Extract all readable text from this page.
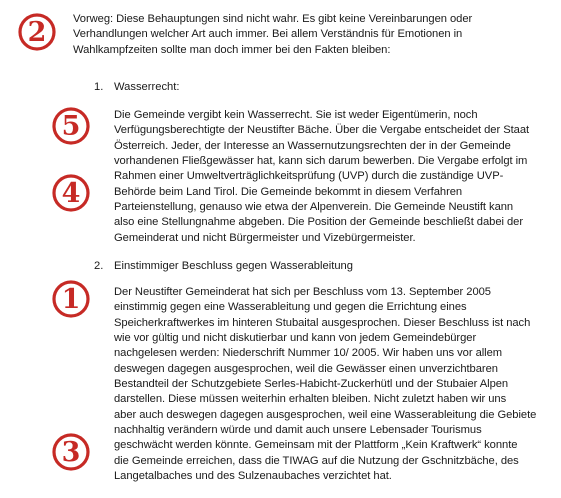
2
5
4
1
3
Vorweg: Diese Behauptungen sind nicht wahr. Es gibt keine Vereinbarungen oder
Verhandlungen welcher Art auch immer. Bei allem Verständnis für Emotionen in
Wahlkampfzeiten sollte man doch immer bei den Fakten bleiben:
1. Wasserrecht:
Die Gemeinde vergibt kein Wasserrecht. Sie ist weder Eigentümerin, noch
Verfügungsberechtigte der Neustifter Bäche. Über die Vergabe entscheidet der Staat
Österreich. Jeder, der Interesse an Wassernutzungsrechten der in der Gemeinde
vorhandenen Fließgewässer hat, kann sich darum bewerben. Die Vergabe erfolgt im
Rahmen einer Umweltverträglichkeitsprüfung (UVP) durch die zuständige UVP-
Behörde beim Land Tirol. Die Gemeinde bekommt in diesem Verfahren
Parteienstellung, genauso wie etwa der Alpenverein. Die Gemeinde Neustift kann
also eine Stellungnahme abgeben. Die Position der Gemeinde beschließt dabei der
Gemeinderat und nicht Bürgermeister und Vizebürgermeister.
2. Einstimmiger Beschluss gegen Wasserableitung
Der Neustifter Gemeinderat hat sich per Beschluss vom 13. September 2005
einstimmig gegen eine Wasserableitung und gegen die Errichtung eines
Speicherkraftwerkes im hinteren Stubaital ausgesprochen. Dieser Beschluss ist nach
wie vor gültig und nicht diskutierbar und kann von jedem Gemeindebürger
nachgelesen werden: Niederschrift Nummer 10/ 2005. Wir haben uns vor allem
deswegen dagegen ausgesprochen, weil die Gewässer einen unverzichtbaren
Bestandteil der Schutzgebiete Serles-Habicht-Zuckerhütl und der Stubaier Alpen
darstellen. Diese müssen weiterhin erhalten bleiben. Nicht zuletzt haben wir uns
aber auch deswegen dagegen ausgesprochen, weil eine Wasserableitung die Gebiete
nachhaltig verändern würde und damit auch unsere Lebensader Tourismus
geschwächt werden könnte. Gemeinsam mit der Plattform „Kein Kraftwerk“ konnte
die Gemeinde erreichen, dass die TIWAG auf die Nutzung der Gschnitzbäche, des
Langetalbaches und des Sulzenaubaches verzichtet hat.
